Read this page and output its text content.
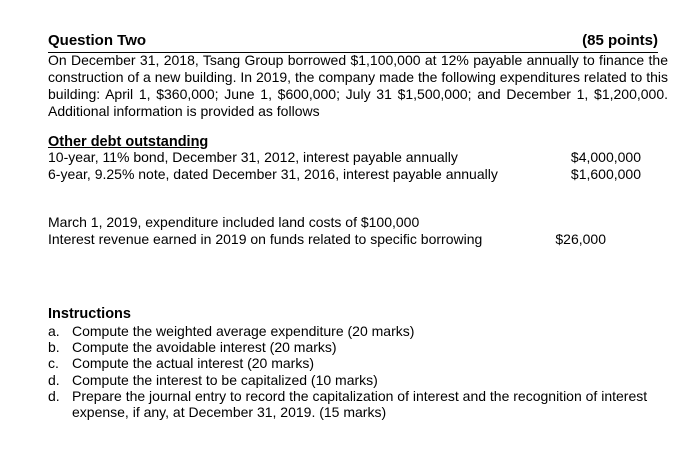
Question Two	(85 points)
On December 31, 2018, Tsang Group borrowed $1,100,000 at 12% payable annually to finance the construction of a new building. In 2019, the company made the following expenditures related to this building: April 1, $360,000; June 1, $600,000; July 31 $1,500,000; and December 1, $1,200,000. Additional information is provided as follows
Other debt outstanding
10-year, 11% bond, December 31, 2012, interest payable annually	$4,000,000
6-year, 9.25% note, dated December 31, 2016, interest payable annually	$1,600,000
March 1, 2019, expenditure included land costs of $100,000
Interest revenue earned in 2019 on funds related to specific borrowing	$26,000
Instructions
a. Compute the weighted average expenditure (20 marks)
b. Compute the avoidable interest (20 marks)
c. Compute the actual interest (20 marks)
d. Compute the interest to be capitalized (10 marks)
d. Prepare the journal entry to record the capitalization of interest and the recognition of interest expense, if any, at December 31, 2019. (15 marks)
